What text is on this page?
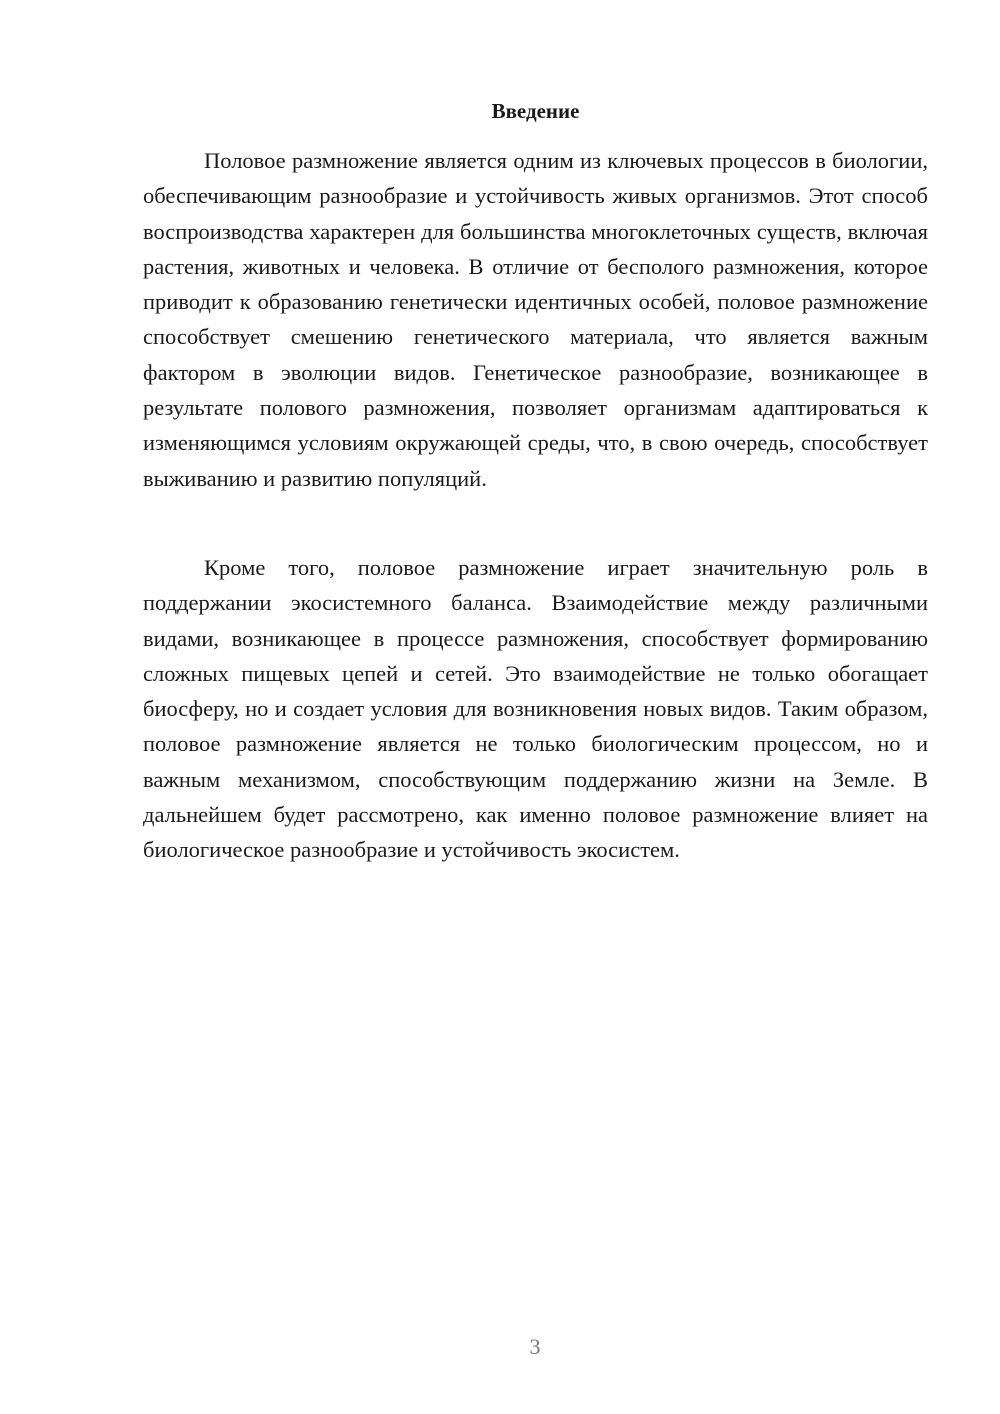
Введение

Половое размножение является одним из ключевых процессов в биологии, обеспечивающим разнообразие и устойчивость живых организмов. Этот способ воспроизводства характерен для большинства многоклеточных существ, включая растения, животных и человека. В отличие от бесполого размножения, которое приводит к образованию генетически идентичных особей, половое размножение способствует смешению генетического материала, что является важным фактором в эволюции видов. Генетическое разнообразие, возникающее в результате полового размножения, позволяет организмам адаптироваться к изменяющимся условиям окружающей среды, что, в свою очередь, способствует выживанию и развитию популяций.

Кроме того, половое размножение играет значительную роль в поддержании экосистемного баланса. Взаимодействие между различными видами, возникающее в процессе размножения, способствует формированию сложных пищевых цепей и сетей. Это взаимодействие не только обогащает биосферу, но и создает условия для возникновения новых видов. Таким образом, половое размножение является не только биологическим процессом, но и важным механизмом, способствующим поддержанию жизни на Земле. В дальнейшем будет рассмотрено, как именно половое размножение влияет на биологическое разнообразие и устойчивость экосистем.

3
